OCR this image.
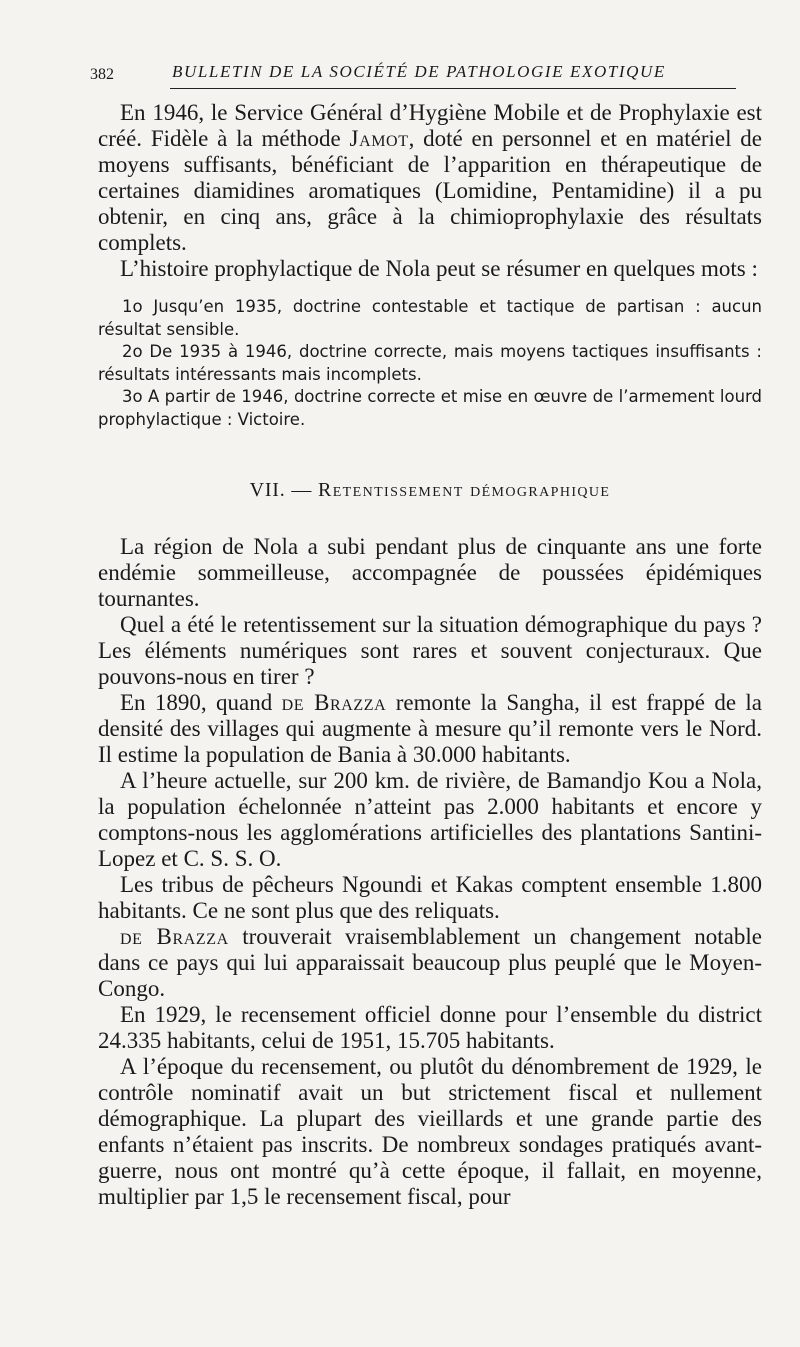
382	BULLETIN DE LA SOCIÉTÉ DE PATHOLOGIE EXOTIQUE

En 1946, le Service Général d’Hygiène Mobile et de Prophylaxie est créé. Fidèle à la méthode Jamot, doté en personnel et en matériel de moyens suffisants, bénéficiant de l’apparition en thérapeutique de certaines diamidines aromatiques (Lomidine, Pentamidine) il a pu obtenir, en cinq ans, grâce à la chimioprophylaxie des résultats complets.

L’histoire prophylactique de Nola peut se résumer en quelques mots :

1o Jusqu’en 1935, doctrine contestable et tactique de partisan : aucun résultat sensible.

2o De 1935 à 1946, doctrine correcte, mais moyens tactiques insuffisants : résultats intéressants mais incomplets.

3o A partir de 1946, doctrine correcte et mise en œuvre de l’armement lourd prophylactique : Victoire.

VII. — Retentissement démographique

La région de Nola a subi pendant plus de cinquante ans une forte endémie sommeilleuse, accompagnée de poussées épidémiques tournantes.

Quel a été le retentissement sur la situation démographique du pays ? Les éléments numériques sont rares et souvent conjecturaux. Que pouvons-nous en tirer ?

En 1890, quand de Brazza remonte la Sangha, il est frappé de la densité des villages qui augmente à mesure qu’il remonte vers le Nord. Il estime la population de Bania à 30.000 habitants.

A l’heure actuelle, sur 200 km. de rivière, de Bamandjo Kou a Nola, la population échelonnée n’atteint pas 2.000 habitants et encore y comptons-nous les agglomérations artificielles des plantations Santini-Lopez et C. S. S. O.

Les tribus de pêcheurs Ngoundi et Kakas comptent ensemble 1.800 habitants. Ce ne sont plus que des reliquats.

de Brazza trouverait vraisemblablement un changement notable dans ce pays qui lui apparaissait beaucoup plus peuplé que le Moyen-Congo.

En 1929, le recensement officiel donne pour l’ensemble du district 24.335 habitants, celui de 1951, 15.705 habitants.

A l’époque du recensement, ou plutôt du dénombrement de 1929, le contrôle nominatif avait un but strictement fiscal et nullement démographique. La plupart des vieillards et une grande partie des enfants n’étaient pas inscrits. De nombreux sondages pratiqués avant-guerre, nous ont montré qu’à cette époque, il fallait, en moyenne, multiplier par 1,5 le recensement fiscal, pour
